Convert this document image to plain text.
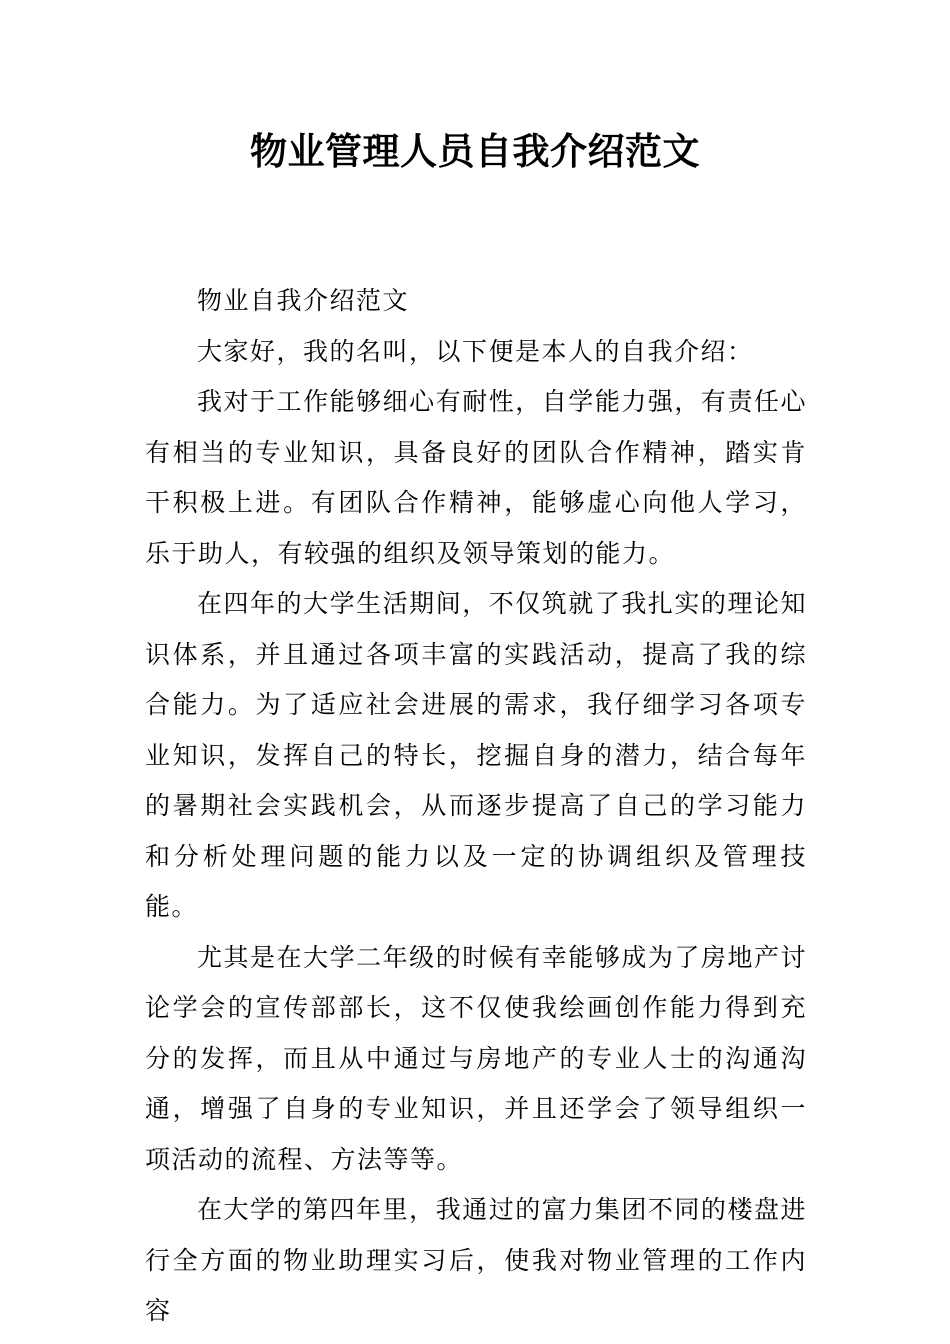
物业管理人员自我介绍范文

物业自我介绍范文

大家好，我的名叫，以下便是本人的自我介绍：

我对于工作能够细心有耐性，自学能力强，有责任心有相当的专业知识，具备良好的团队合作精神，踏实肯干积极上进。有团队合作精神，能够虚心向他人学习，乐于助人，有较强的组织及领导策划的能力。

在四年的大学生活期间，不仅筑就了我扎实的理论知识体系，并且通过各项丰富的实践活动，提高了我的综合能力。为了适应社会进展的需求，我仔细学习各项专业知识，发挥自己的特长，挖掘自身的潜力，结合每年的暑期社会实践机会，从而逐步提高了自己的学习能力和分析处理问题的能力以及一定的协调组织及管理技能。

尤其是在大学二年级的时候有幸能够成为了房地产讨论学会的宣传部部长，这不仅使我绘画创作能力得到充分的发挥，而且从中通过与房地产的专业人士的沟通沟通，增强了自身的专业知识，并且还学会了领导组织一项活动的流程、方法等等。

在大学的第四年里，我通过的富力集团不同的楼盘进行全方面的物业助理实习后，使我对物业管理的工作内容
